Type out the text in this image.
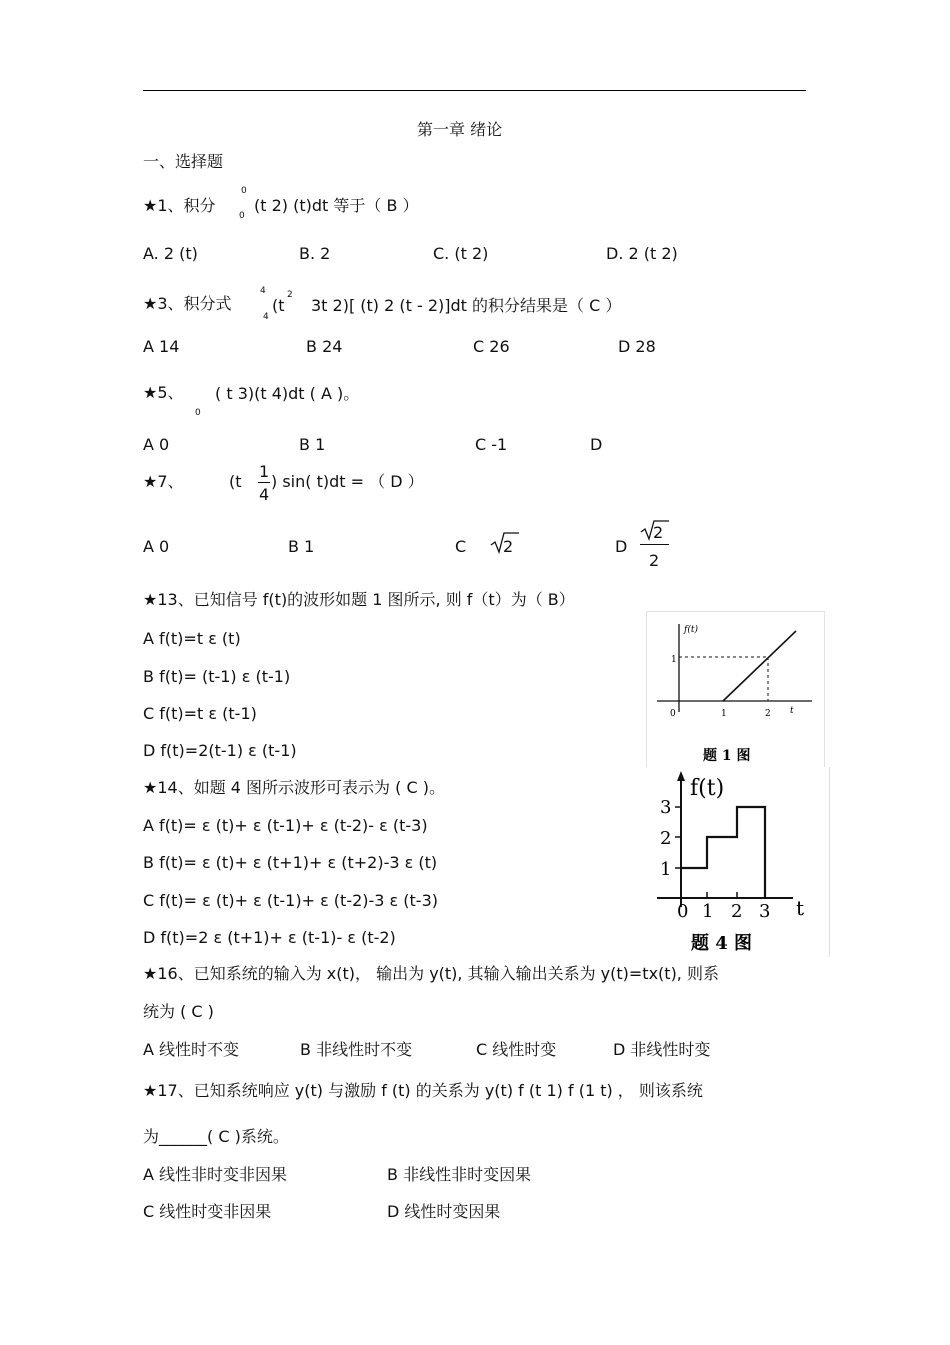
第一章 绪论
一、选择题
★1、积分
0
0
(t 2) (t)dt 等于（ B ）
A. 2 (t)	B. 2	C. (t 2)	D. 2 (t 2)
★3、积分式
4
4
(t
2
3t 2)[ (t) 2 (t - 2)]dt 的积分结果是（ C ）
A 14	B 24	C 26	D 28
★5、 ( t 3)(t 4)dt ( A )。
0
A 0	B 1	C -1	D
★7、	(t
1
4
) sin( t)dt = （ D ）
A 0	B 1	C 2	D
2
2
★13、已知信号 f(t)的波形如题 1 图所示, 则 f（t）为（ B）
A f(t)=t ε (t)
B f(t)= (t-1) ε (t-1)
C f(t)=t ε (t-1)
D f(t)=2(t-1) ε (t-1)
f(t)
1
0	1	2 t
题 1 图
★14、如题 4 图所示波形可表示为 ( C )。
A f(t)= ε (t)+ ε (t-1)+ ε (t-2)- ε (t-3)
B f(t)= ε (t)+ ε (t+1)+ ε (t+2)-3 ε (t)
C f(t)= ε (t)+ ε (t-1)+ ε (t-2)-3 ε (t-3)
D f(t)=2 ε (t+1)+ ε (t-1)- ε (t-2)
f(t)
3
2
1
0 1 2 3 t
题 4 图
★16、已知系统的输入为 x(t)， 输出为 y(t), 其输入输出关系为 y(t)=tx(t), 则系
统为 ( C )
A 线性时不变	B 非线性时不变	C 线性时变	D 非线性时变
★17、已知系统响应 y(t) 与激励 f (t) 的关系为 y(t) f (t 1) f (1 t) ， 则该系统
为______( C )系统。
A 线性非时变非因果	B 非线性非时变因果
C 线性时变非因果	D 线性时变因果
